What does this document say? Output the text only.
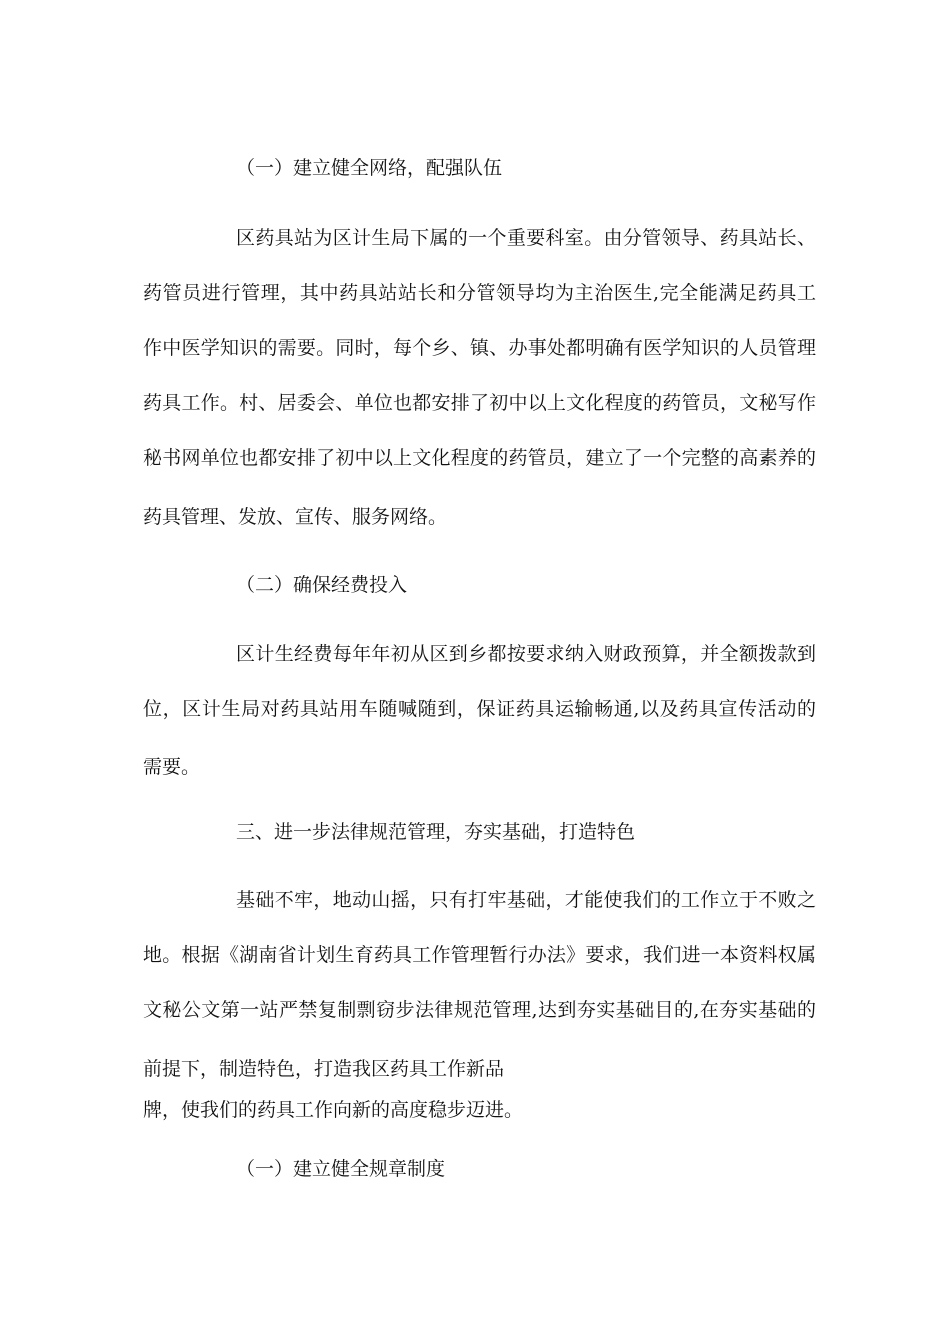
（一）建立健全网络，配强队伍
区药具站为区计生局下属的一个重要科室。由分管领导、药具站长、
药管员进行管理，其中药具站站长和分管领导均为主治医生,完全能满足药具工
作中医学知识的需要。同时，每个乡、镇、办事处都明确有医学知识的人员管理
药具工作。村、居委会、单位也都安排了初中以上文化程度的药管员，文秘写作
秘书网单位也都安排了初中以上文化程度的药管员，建立了一个完整的高素养的
药具管理、发放、宣传、服务网络。
（二）确保经费投入
区计生经费每年年初从区到乡都按要求纳入财政预算，并全额拨款到
位，区计生局对药具站用车随喊随到，保证药具运输畅通,以及药具宣传活动的
需要。
三、进一步法律规范管理，夯实基础，打造特色
基础不牢，地动山摇，只有打牢基础，才能使我们的工作立于不败之
地。根据《湖南省计划生育药具工作管理暂行办法》要求，我们进一本资料权属
文秘公文第一站严禁复制剽窃步法律规范管理,达到夯实基础目的,在夯实基础的
前提下，制造特色，打造我区药具工作新品
牌，使我们的药具工作向新的高度稳步迈进。
（一）建立健全规章制度
